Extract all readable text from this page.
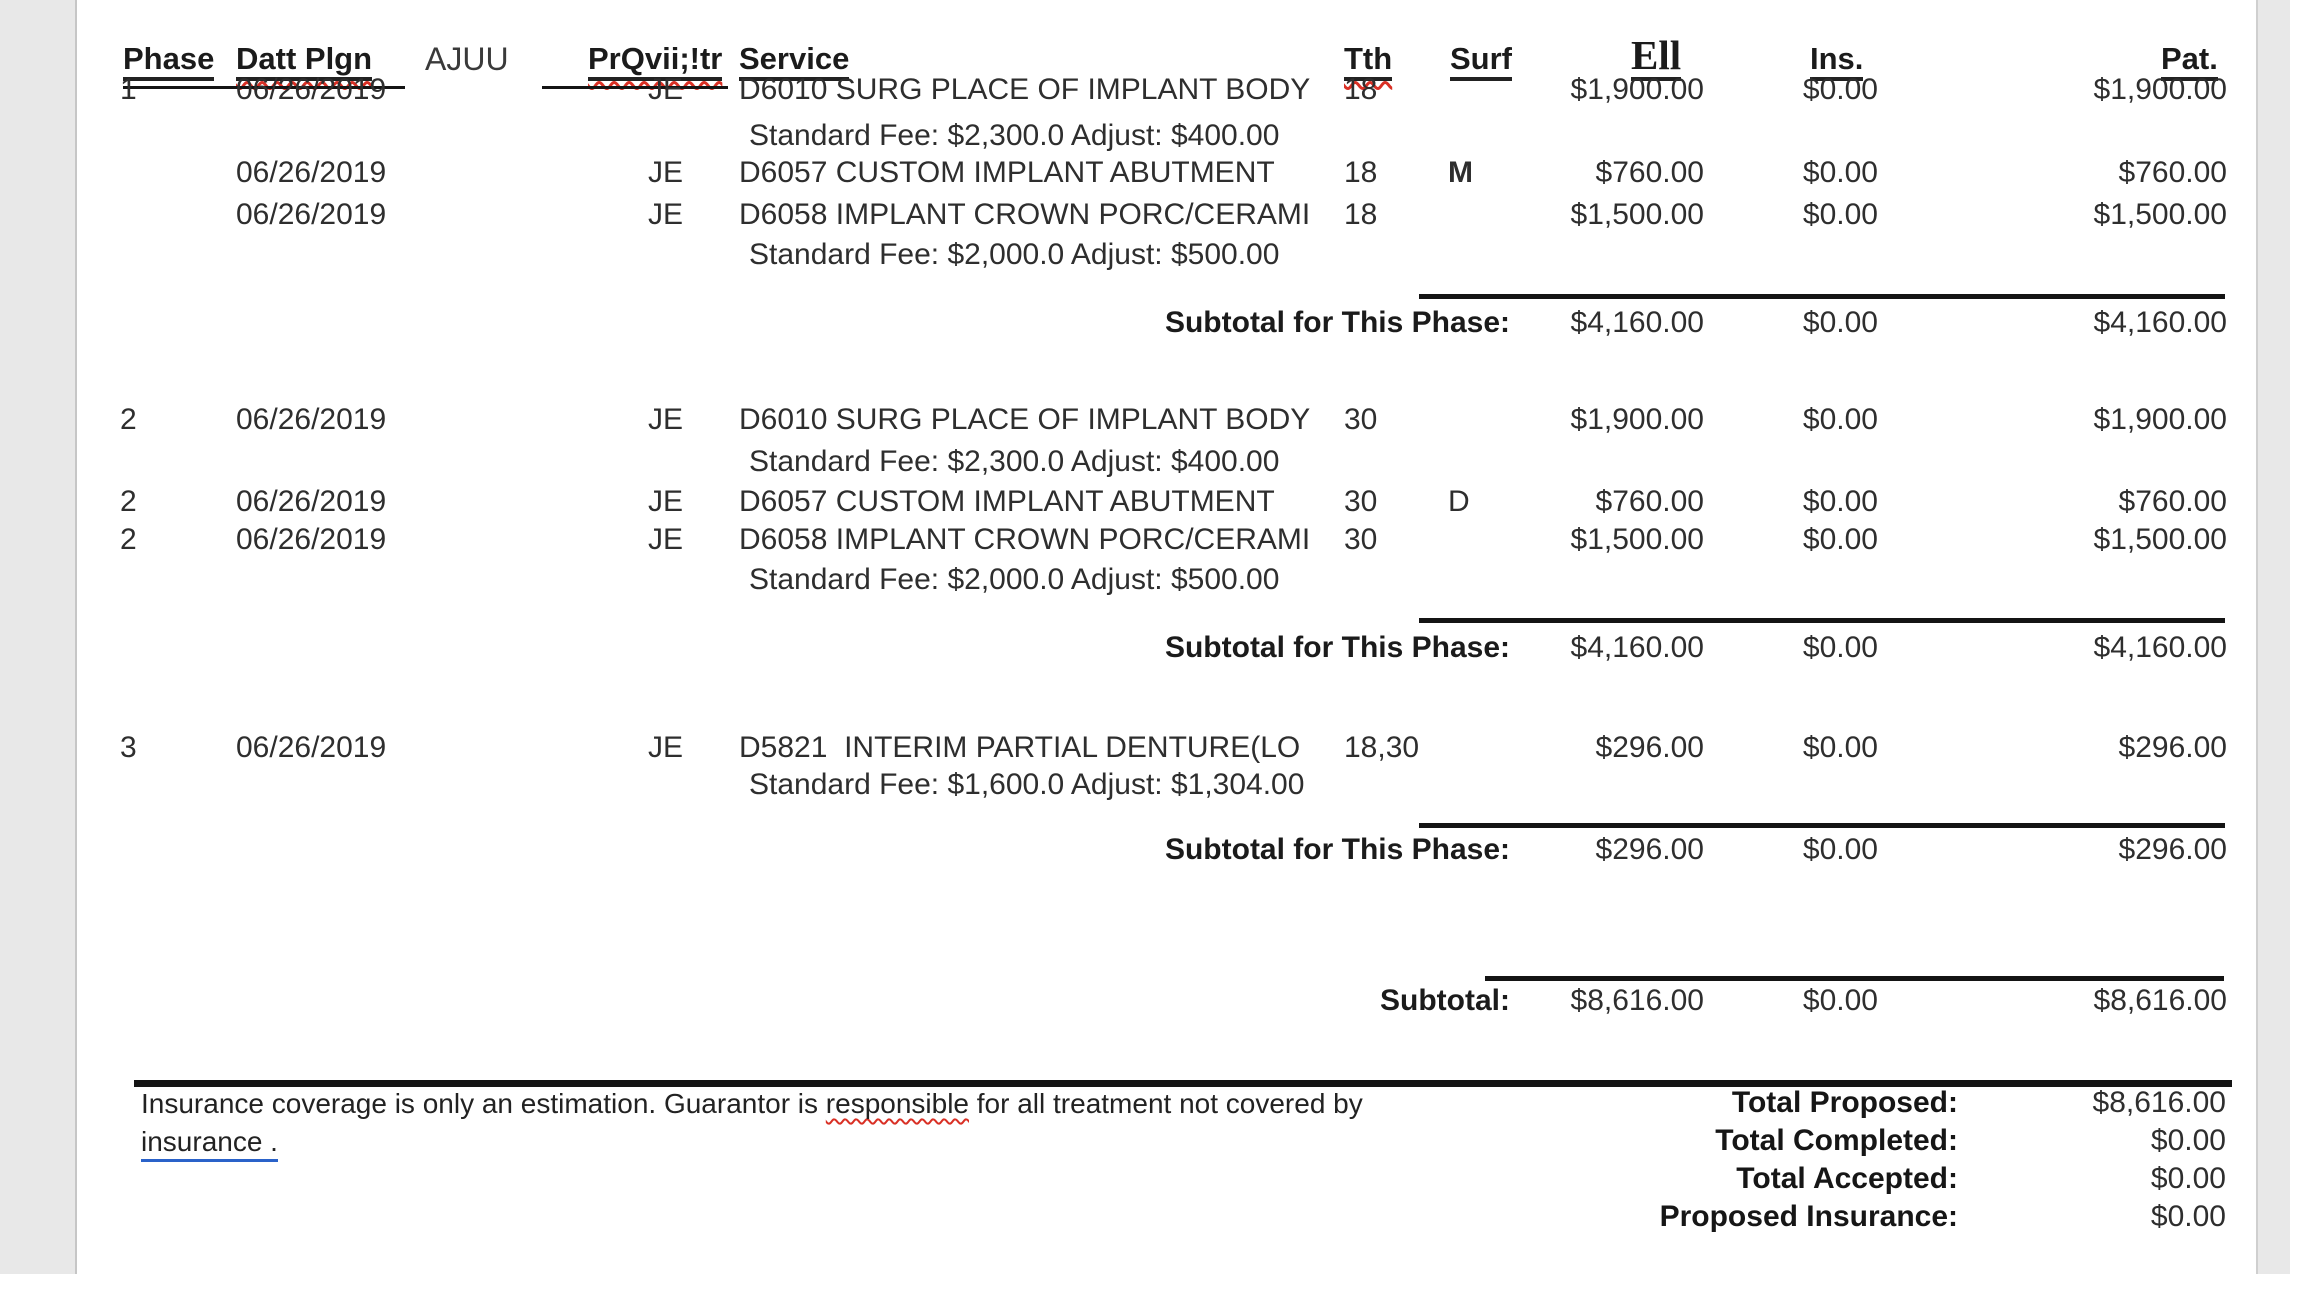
Phase Datt Plgn AJUU	PrQvii;!tr Service	Tth Surf	Ell	Ins.	Pat.
1	06/26/2019	JE D6010 SURG PLACE OF IMPLANT BODY 18	$1,900.00	$0.00	$1,900.00
Standard Fee: $2,300.0 Adjust: $400.00
06/26/2019	JE D6057 CUSTOM IMPLANT ABUTMENT 18 M	$760.00	$0.00	$760.00
06/26/2019	JE D6058 IMPLANT CROWN PORC/CERAMI 18	$1,500.00	$0.00	$1,500.00
Standard Fee: $2,000.0 Adjust: $500.00
Subtotal for This Phase:	$4,160.00	$0.00	$4,160.00
2	06/26/2019	JE D6010 SURG PLACE OF IMPLANT BODY 30	$1,900.00	$0.00	$1,900.00
Standard Fee: $2,300.0 Adjust: $400.00
2	06/26/2019	JE D6057 CUSTOM IMPLANT ABUTMENT 30 D	$760.00	$0.00	$760.00
2	06/26/2019	JE D6058 IMPLANT CROWN PORC/CERAMI 30	$1,500.00	$0.00	$1,500.00
Standard Fee: $2,000.0 Adjust: $500.00
Subtotal for This Phase:	$4,160.00	$0.00	$4,160.00
3	06/26/2019	JE D5821  INTERIM PARTIAL DENTURE(LO 18,30	$296.00	$0.00	$296.00
Standard Fee: $1,600.0 Adjust: $1,304.00
Subtotal for This Phase:	$296.00	$0.00	$296.00
Subtotal:	$8,616.00	$0.00	$8,616.00
Insurance coverage is only an estimation. Guarantor is responsible for all treatment not covered by
insurance .
Total Proposed:	$8,616.00
Total Completed:	$0.00
Total Accepted:	$0.00
Proposed Insurance:	$0.00
